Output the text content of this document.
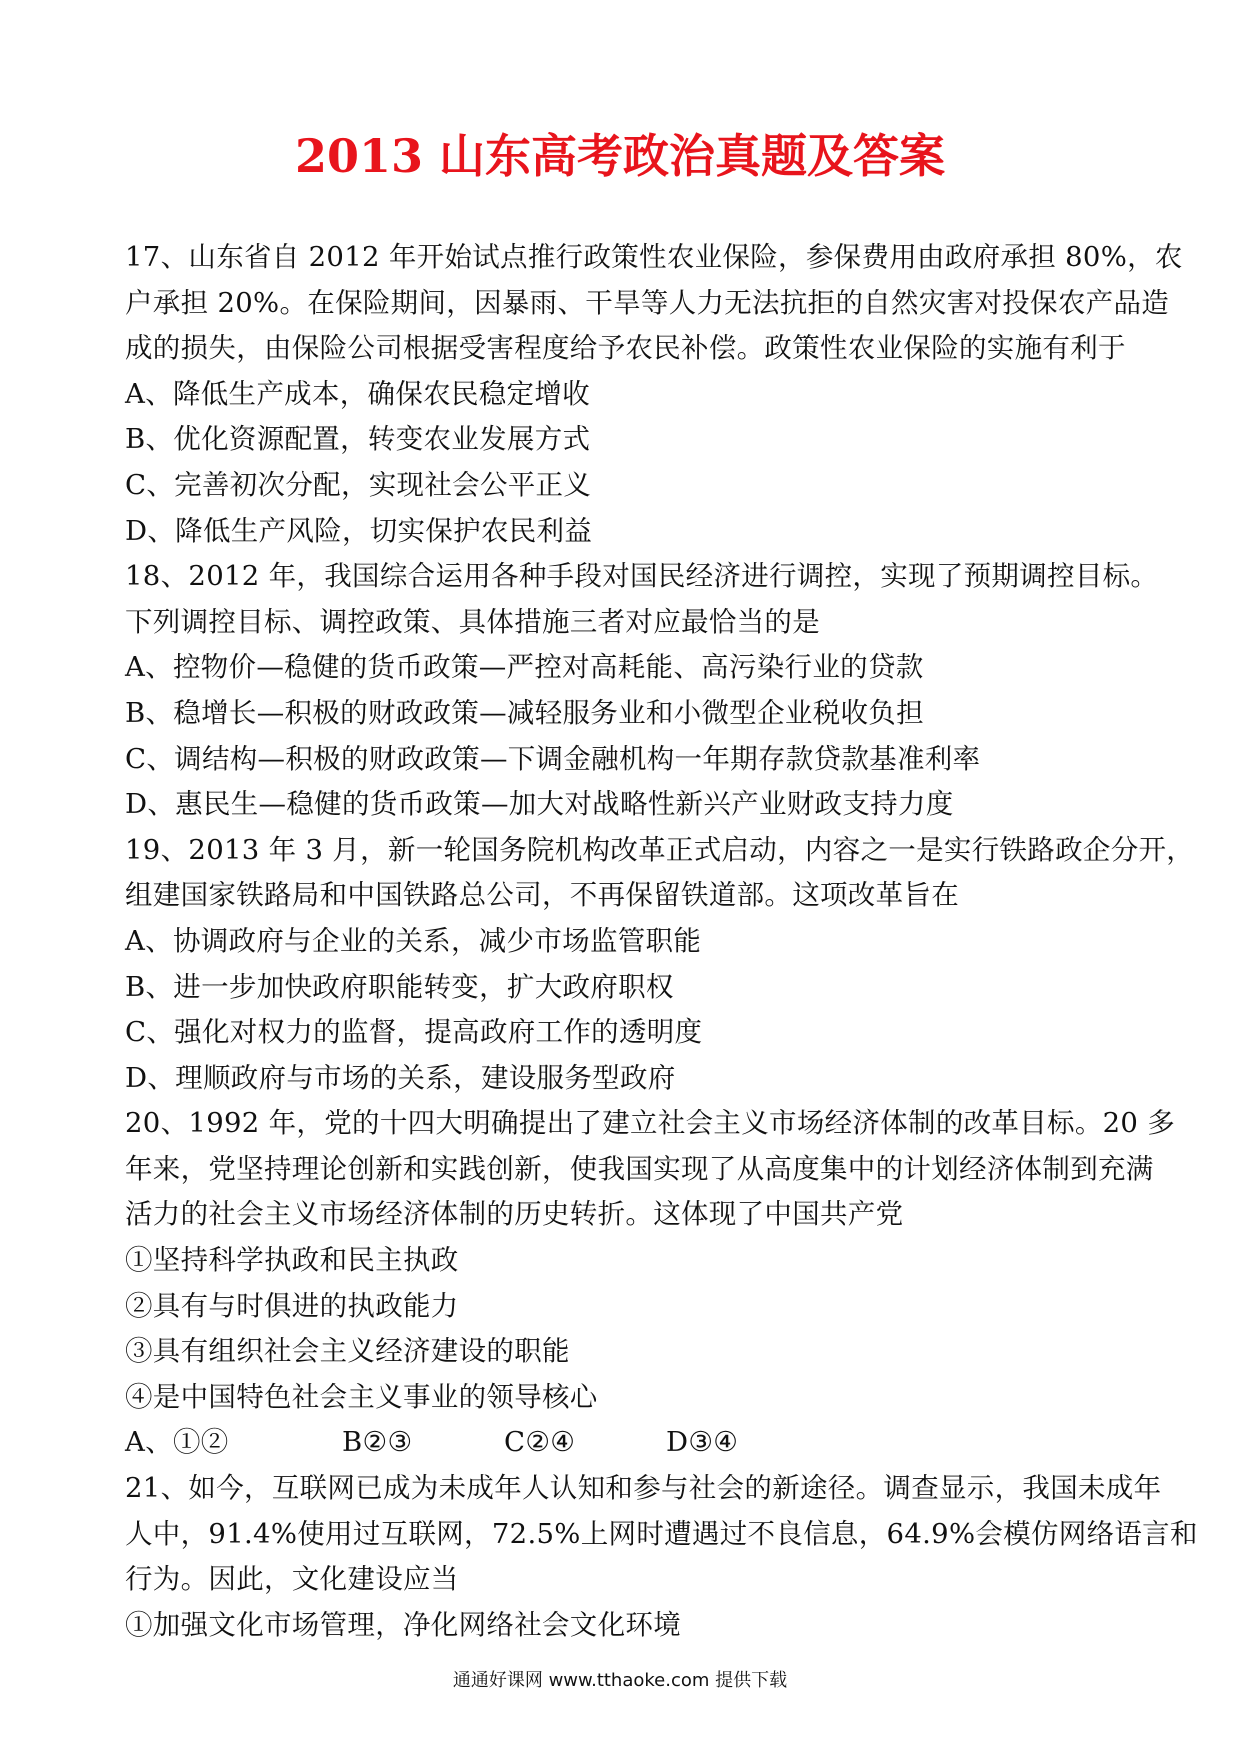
2013 山东高考政治真题及答案
17、山东省自 2012 年开始试点推行政策性农业保险，参保费用由政府承担 80%，农
户承担 20%。在保险期间，因暴雨、干旱等人力无法抗拒的自然灾害对投保农产品造
成的损失，由保险公司根据受害程度给予农民补偿。政策性农业保险的实施有利于
A、降低生产成本，确保农民稳定增收
B、优化资源配置，转变农业发展方式
C、完善初次分配，实现社会公平正义
D、降低生产风险，切实保护农民利益
18、2012 年，我国综合运用各种手段对国民经济进行调控，实现了预期调控目标。
下列调控目标、调控政策、具体措施三者对应最恰当的是
A、控物价—稳健的货币政策—严控对高耗能、高污染行业的贷款
B、稳增长—积极的财政政策—减轻服务业和小微型企业税收负担
C、调结构—积极的财政政策—下调金融机构一年期存款贷款基准利率
D、惠民生—稳健的货币政策—加大对战略性新兴产业财政支持力度
19、2013 年 3 月，新一轮国务院机构改革正式启动，内容之一是实行铁路政企分开，
组建国家铁路局和中国铁路总公司，不再保留铁道部。这项改革旨在
A、协调政府与企业的关系，减少市场监管职能
B、进一步加快政府职能转变，扩大政府职权
C、强化对权力的监督，提高政府工作的透明度
D、理顺政府与市场的关系，建设服务型政府
20、1992 年，党的十四大明确提出了建立社会主义市场经济体制的改革目标。20 多
年来，党坚持理论创新和实践创新，使我国实现了从高度集中的计划经济体制到充满
活力的社会主义市场经济体制的历史转折。这体现了中国共产党
①坚持科学执政和民主执政
②具有与时俱进的执政能力
③具有组织社会主义经济建设的职能
④是中国特色社会主义事业的领导核心
A、①②	B②③	C②④	D③④
21、如今，互联网已成为未成年人认知和参与社会的新途径。调查显示，我国未成年
人中，91.4%使用过互联网，72.5%上网时遭遇过不良信息，64.9%会模仿网络语言和
行为。因此，文化建设应当
①加强文化市场管理，净化网络社会文化环境
通通好课网 www.tthaoke.com 提供下载
